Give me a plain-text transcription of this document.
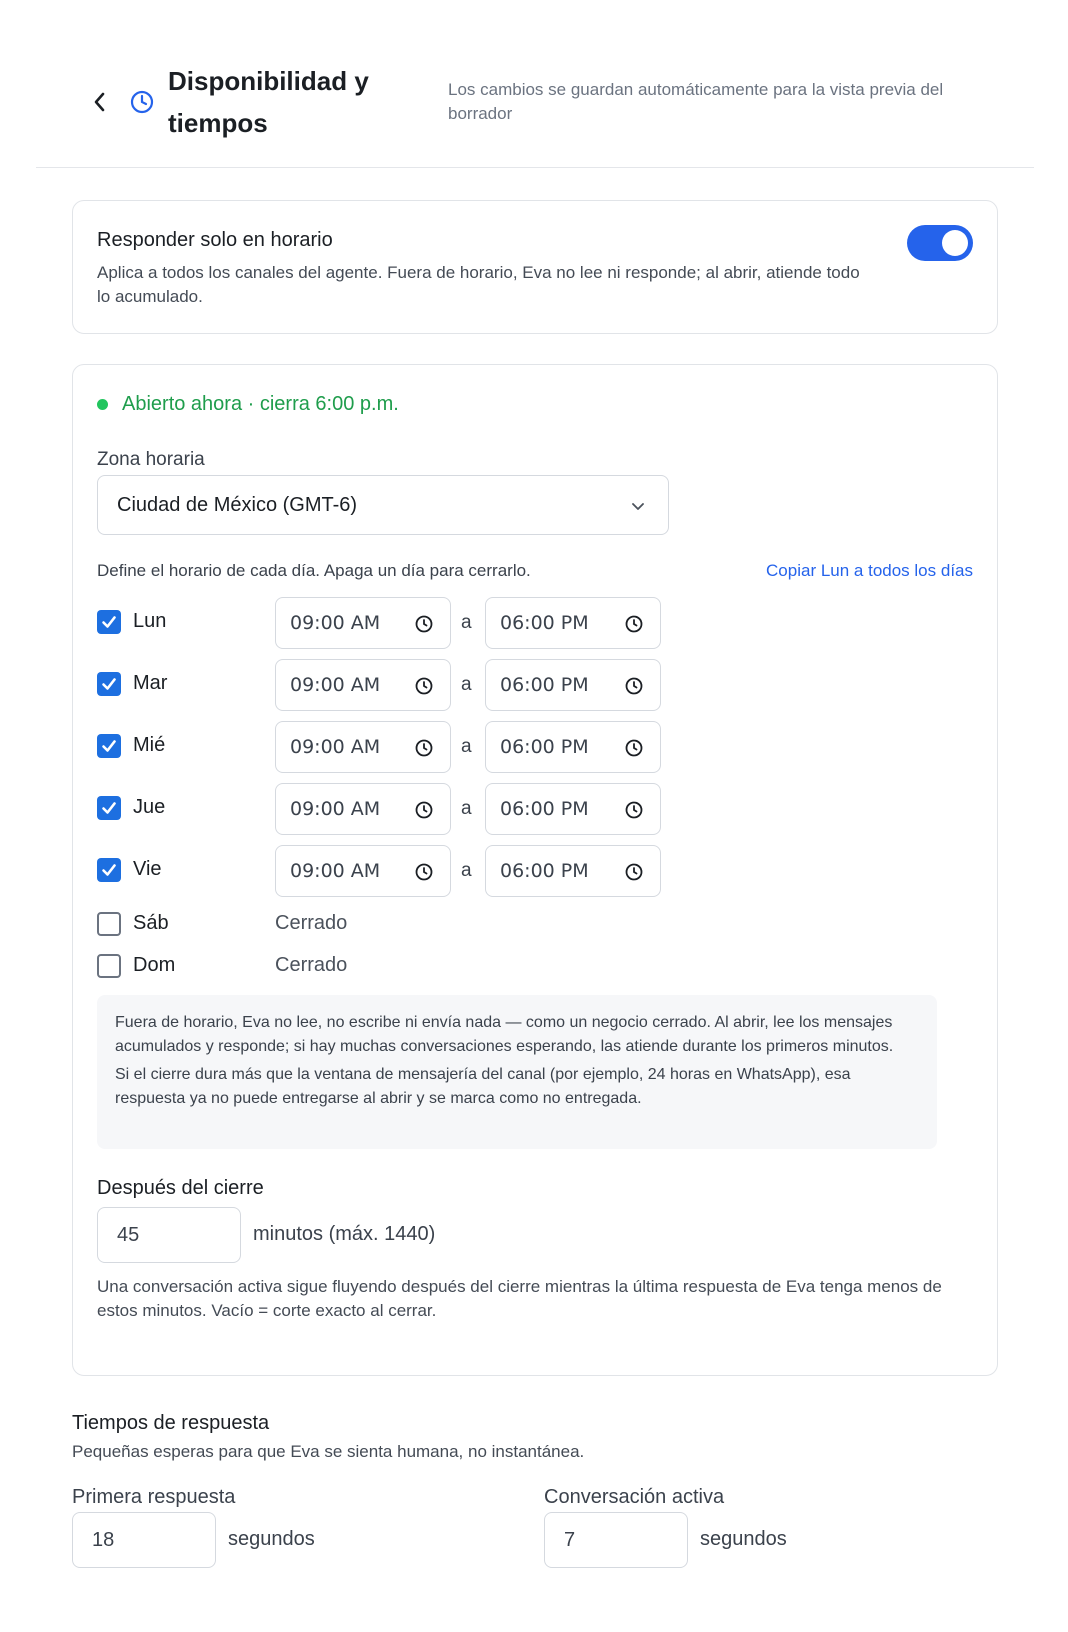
Disponibilidad y
tiempos
Los cambios se guardan automáticamente para la vista previa del borrador
Responder solo en horario
Aplica a todos los canales del agente. Fuera de horario, Eva no lee ni responde; al abrir, atiende todo lo acumulado.
Abierto ahora · cierra 6:00 p.m.
Zona horaria
Ciudad de México (GMT-6)
Define el horario de cada día. Apaga un día para cerrarlo.	Copiar Lun a todos los días
Lun	09:00 AM	a 06:00 PM
Mar	09:00 AM	a 06:00 PM
Mié	09:00 AM	a 06:00 PM
Jue	09:00 AM	a 06:00 PM
Vie	09:00 AM	a 06:00 PM
Sáb	Cerrado
Dom	Cerrado

Fuera de horario, Eva no lee, no escribe ni envía nada — como un negocio cerrado. Al abrir, lee los mensajes acumulados y responde; si hay muchas conversaciones esperando, las atiende durante los primeros minutos.

Si el cierre dura más que la ventana de mensajería del canal (por ejemplo, 24 horas en WhatsApp), esa respuesta ya no puede entregarse al abrir y se marca como no entregada.

Después del cierre
45	minutos (máx. 1440)
Una conversación activa sigue fluyendo después del cierre mientras la última respuesta de Eva tenga menos de estos minutos. Vacío = corte exacto al cerrar.
Tiempos de respuesta
Pequeñas esperas para que Eva se sienta humana, no instantánea.
Primera respuesta
18	segundos
Conversación activa
7	segundos
